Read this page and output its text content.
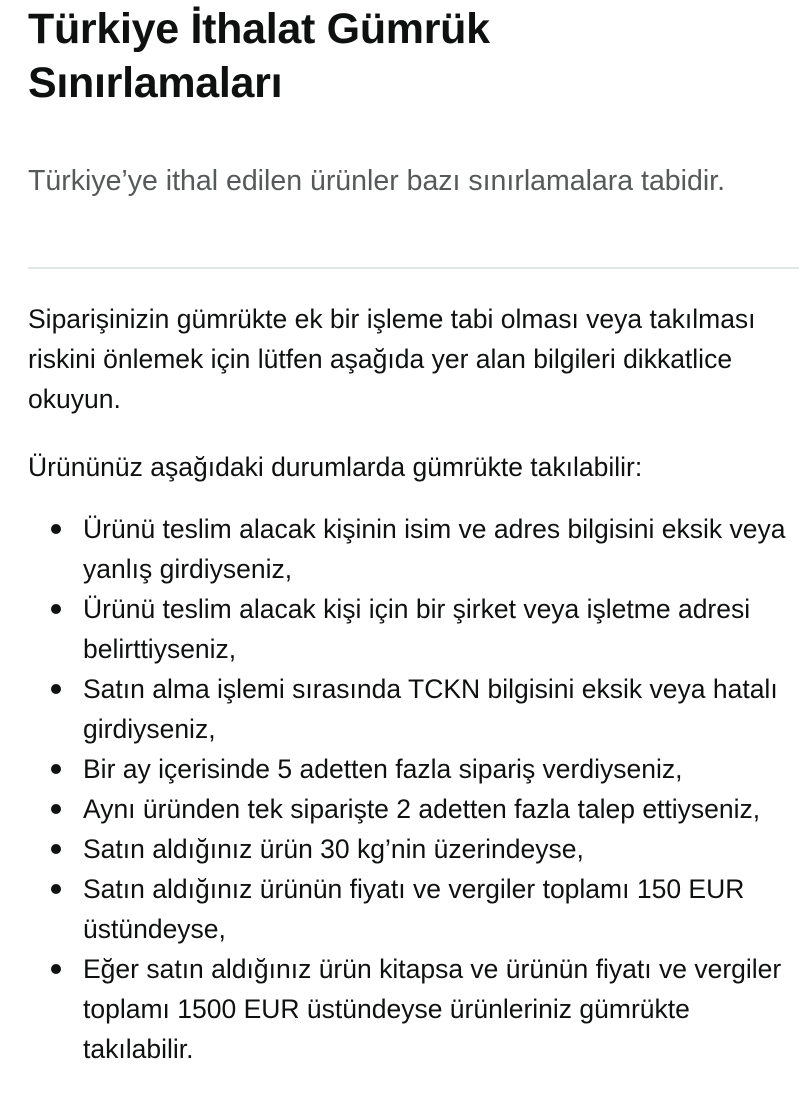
Türkiye İthalat Gümrük Sınırlamaları

Türkiye’ye ithal edilen ürünler bazı sınırlamalara tabidir.

Siparişinizin gümrükte ek bir işleme tabi olması veya takılması riskini önlemek için lütfen aşağıda yer alan bilgileri dikkatlice okuyun.

Ürününüz aşağıdaki durumlarda gümrükte takılabilir:

Ürünü teslim alacak kişinin isim ve adres bilgisini eksik veya yanlış girdiyseniz,
Ürünü teslim alacak kişi için bir şirket veya işletme adresi belirttiyseniz,
Satın alma işlemi sırasında TCKN bilgisini eksik veya hatalı girdiyseniz,
Bir ay içerisinde 5 adetten fazla sipariş verdiyseniz,
Aynı üründen tek siparişte 2 adetten fazla talep ettiyseniz,
Satın aldığınız ürün 30 kg’nin üzerindeyse,
Satın aldığınız ürünün fiyatı ve vergiler toplamı 150 EUR üstündeyse,
Eğer satın aldığınız ürün kitapsa ve ürünün fiyatı ve vergiler toplamı 1500 EUR üstündeyse ürünleriniz gümrükte takılabilir.
